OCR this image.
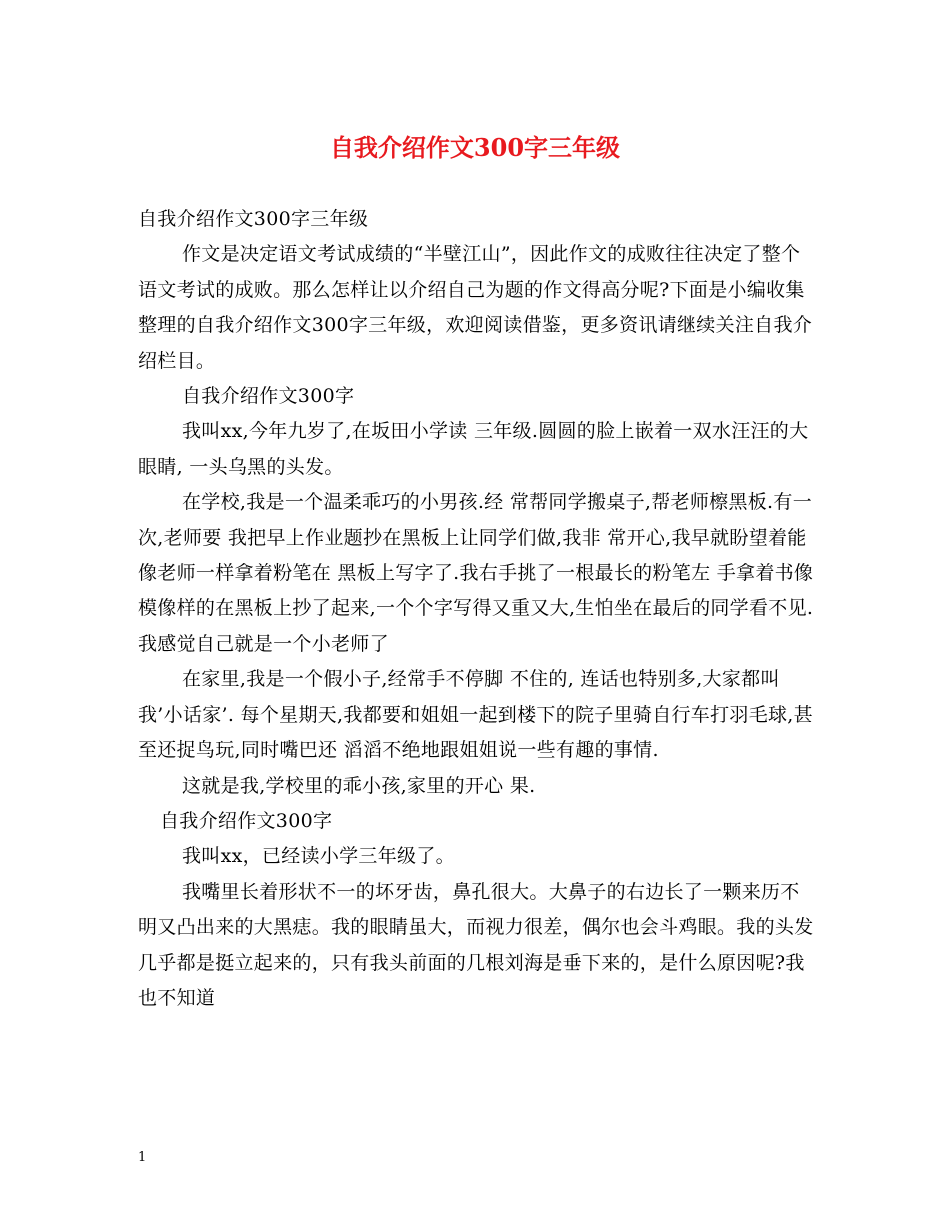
自我介绍作文300字三年级

自我介绍作文300字三年级

作文是决定语文考试成绩的“半壁江山”，因此作文的成败往往决定了整个语文考试的成败。那么怎样让以介绍自己为题的作文得高分呢?下面是小编收集整理的自我介绍作文300字三年级，欢迎阅读借鉴，更多资讯请继续关注自我介绍栏目。

自我介绍作文300字

我叫xx,今年九岁了,在坂田小学读 三年级.圆圆的脸上嵌着一双水汪汪的大眼睛, 一头乌黑的头发。

在学校,我是一个温柔乖巧的小男孩.经 常帮同学搬桌子,帮老师檫黑板.有一次,老师要 我把早上作业题抄在黑板上让同学们做,我非 常开心,我早就盼望着能像老师一样拿着粉笔在 黑板上写字了.我右手挑了一根最长的粉笔左 手拿着书像模像样的在黑板上抄了起来,一个个字写得又重又大,生怕坐在最后的同学看不见. 我感觉自己就是一个小老师了

在家里,我是一个假小子,经常手不停脚 不住的, 连话也特别多,大家都叫我’小话家’. 每个星期天,我都要和姐姐一起到楼下的院子里骑自行车打羽毛球,甚至还捉鸟玩,同时嘴巴还 滔滔不绝地跟姐姐说一些有趣的事情.

这就是我,学校里的乖小孩,家里的开心 果.

自我介绍作文300字

我叫xx，已经读小学三年级了。

我嘴里长着形状不一的坏牙齿，鼻孔很大。大鼻子的右边长了一颗来历不明又凸出来的大黑痣。我的眼睛虽大，而视力很差，偶尔也会斗鸡眼。我的头发几乎都是挺立起来的，只有我头前面的几根刘海是垂下来的，是什么原因呢?我也不知道

1
